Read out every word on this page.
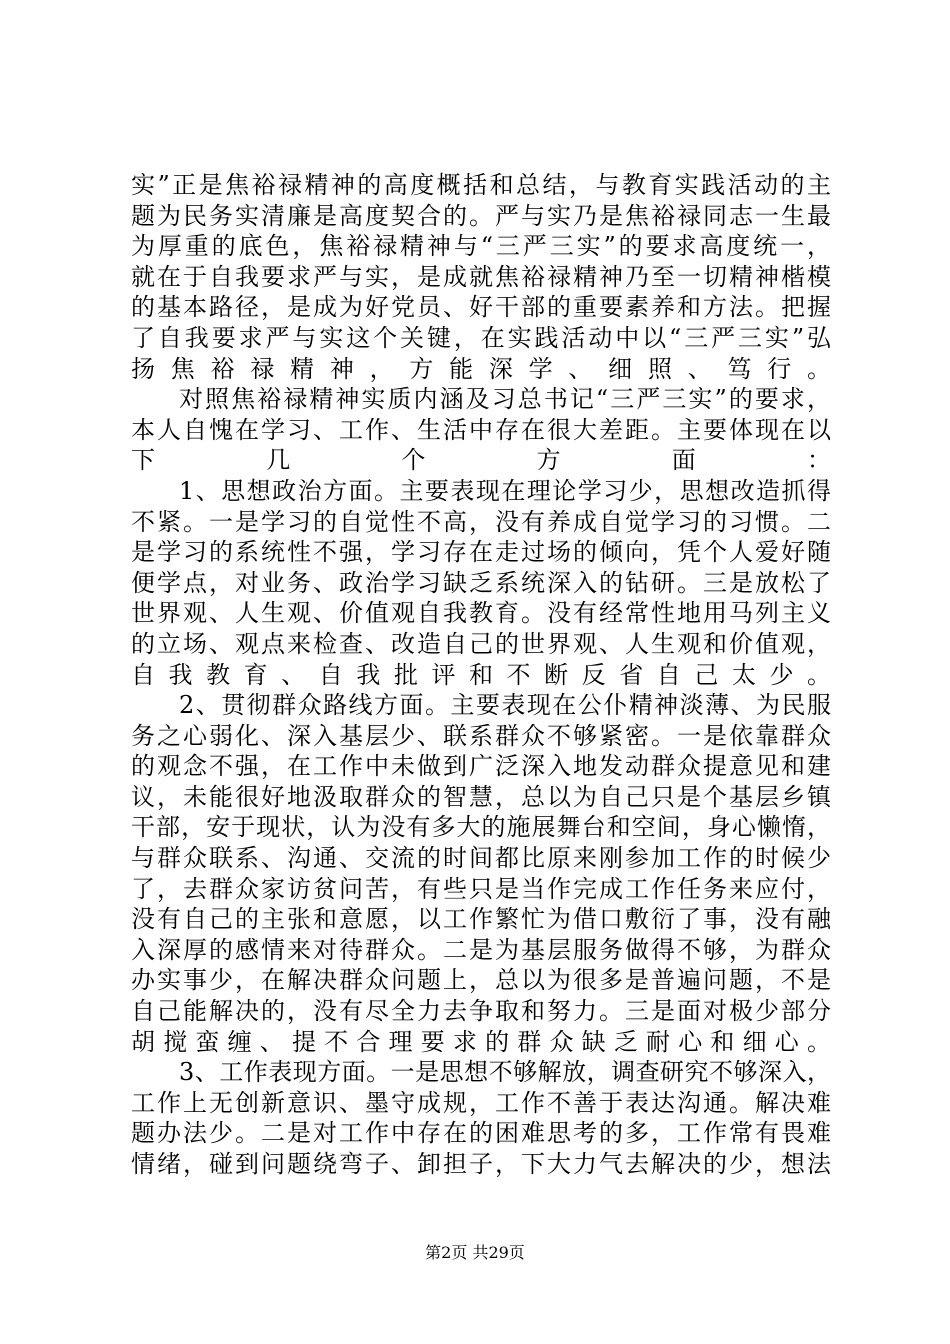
实”正是焦裕禄精神的高度概括和总结，与教育实践活动的主
题为民务实清廉是高度契合的。严与实乃是焦裕禄同志一生最
为厚重的底色，焦裕禄精神与“三严三实”的要求高度统一，
就在于自我要求严与实，是成就焦裕禄精神乃至一切精神楷模
的基本路径，是成为好党员、好干部的重要素养和方法。把握
了自我要求严与实这个关键，在实践活动中以“三严三实”弘
扬焦裕禄精神，方能深学、细照、笃行。
对照焦裕禄精神实质内涵及习总书记“三严三实”的要求，
本人自愧在学习、工作、生活中存在很大差距。主要体现在以
下几个方面：
1、思想政治方面。主要表现在理论学习少，思想改造抓得
不紧。一是学习的自觉性不高，没有养成自觉学习的习惯。二
是学习的系统性不强，学习存在走过场的倾向，凭个人爱好随
便学点，对业务、政治学习缺乏系统深入的钻研。三是放松了
世界观、人生观、价值观自我教育。没有经常性地用马列主义
的立场、观点来检查、改造自己的世界观、人生观和价值观，
自我教育、自我批评和不断反省自己太少。
2、贯彻群众路线方面。主要表现在公仆精神淡薄、为民服
务之心弱化、深入基层少、联系群众不够紧密。一是依靠群众
的观念不强，在工作中未做到广泛深入地发动群众提意见和建
议，未能很好地汲取群众的智慧，总以为自己只是个基层乡镇
干部，安于现状，认为没有多大的施展舞台和空间，身心懒惰，
与群众联系、沟通、交流的时间都比原来刚参加工作的时候少
了，去群众家访贫问苦，有些只是当作完成工作任务来应付，
没有自己的主张和意愿，以工作繁忙为借口敷衍了事，没有融
入深厚的感情来对待群众。二是为基层服务做得不够，为群众
办实事少，在解决群众问题上，总以为很多是普遍问题，不是
自己能解决的，没有尽全力去争取和努力。三是面对极少部分
胡搅蛮缠、提不合理要求的群众缺乏耐心和细心。
3、工作表现方面。一是思想不够解放，调查研究不够深入，
工作上无创新意识、墨守成规，工作不善于表达沟通。解决难
题办法少。二是对工作中存在的困难思考的多，工作常有畏难
情绪，碰到问题绕弯子、卸担子，下大力气去解决的少，想法
第2页 共29页
